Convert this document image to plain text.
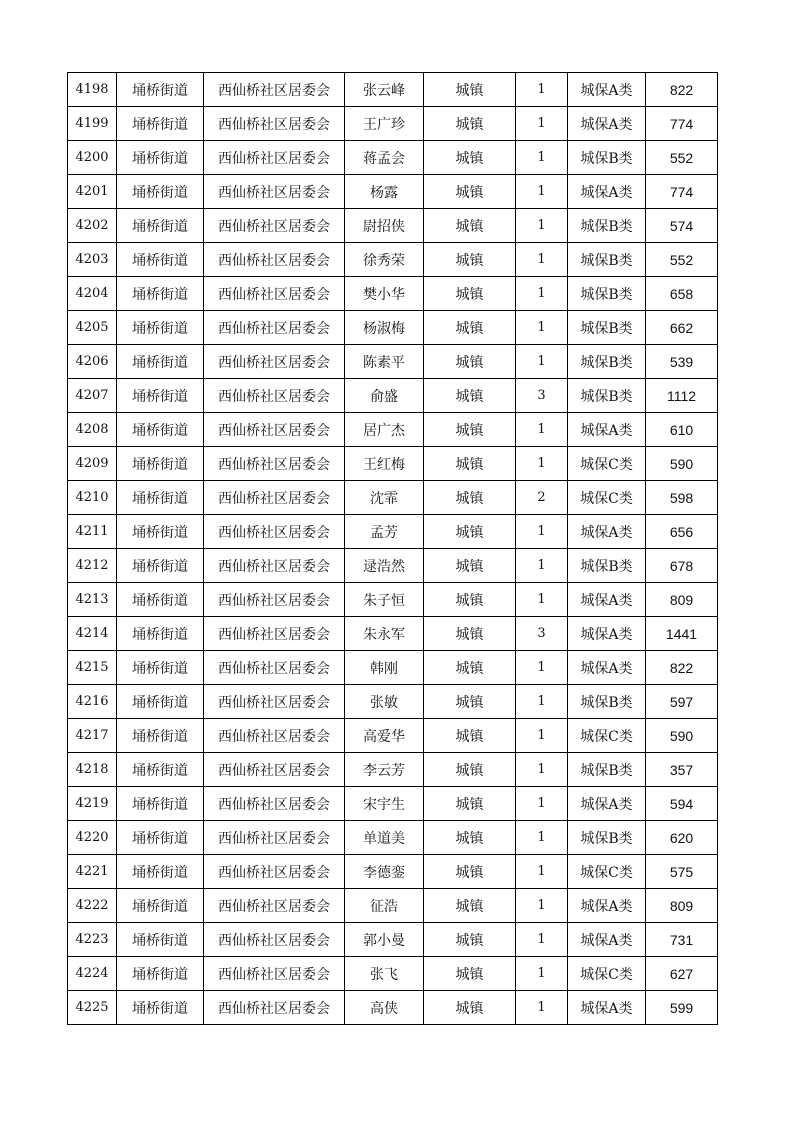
4198	埇桥街道	西仙桥社区居委会	张云峰	城镇	1	城保A类	822
4199	埇桥街道	西仙桥社区居委会	王广珍	城镇	1	城保A类	774
4200	埇桥街道	西仙桥社区居委会	蒋孟会	城镇	1	城保B类	552
4201	埇桥街道	西仙桥社区居委会	杨露	城镇	1	城保A类	774
4202	埇桥街道	西仙桥社区居委会	尉招侠	城镇	1	城保B类	574
4203	埇桥街道	西仙桥社区居委会	徐秀荣	城镇	1	城保B类	552
4204	埇桥街道	西仙桥社区居委会	樊小华	城镇	1	城保B类	658
4205	埇桥街道	西仙桥社区居委会	杨淑梅	城镇	1	城保B类	662
4206	埇桥街道	西仙桥社区居委会	陈素平	城镇	1	城保B类	539
4207	埇桥街道	西仙桥社区居委会	俞盛	城镇	3	城保B类	1112
4208	埇桥街道	西仙桥社区居委会	居广杰	城镇	1	城保A类	610
4209	埇桥街道	西仙桥社区居委会	王红梅	城镇	1	城保C类	590
4210	埇桥街道	西仙桥社区居委会	沈霏	城镇	2	城保C类	598
4211	埇桥街道	西仙桥社区居委会	孟芳	城镇	1	城保A类	656
4212	埇桥街道	西仙桥社区居委会	逯浩然	城镇	1	城保B类	678
4213	埇桥街道	西仙桥社区居委会	朱子恒	城镇	1	城保A类	809
4214	埇桥街道	西仙桥社区居委会	朱永军	城镇	3	城保A类	1441
4215	埇桥街道	西仙桥社区居委会	韩刚	城镇	1	城保A类	822
4216	埇桥街道	西仙桥社区居委会	张敏	城镇	1	城保B类	597
4217	埇桥街道	西仙桥社区居委会	高爱华	城镇	1	城保C类	590
4218	埇桥街道	西仙桥社区居委会	李云芳	城镇	1	城保B类	357
4219	埇桥街道	西仙桥社区居委会	宋宇生	城镇	1	城保A类	594
4220	埇桥街道	西仙桥社区居委会	单道美	城镇	1	城保B类	620
4221	埇桥街道	西仙桥社区居委会	李德銮	城镇	1	城保C类	575
4222	埇桥街道	西仙桥社区居委会	征浩	城镇	1	城保A类	809
4223	埇桥街道	西仙桥社区居委会	郭小曼	城镇	1	城保A类	731
4224	埇桥街道	西仙桥社区居委会	张飞	城镇	1	城保C类	627
4225	埇桥街道	西仙桥社区居委会	高侠	城镇	1	城保A类	599
